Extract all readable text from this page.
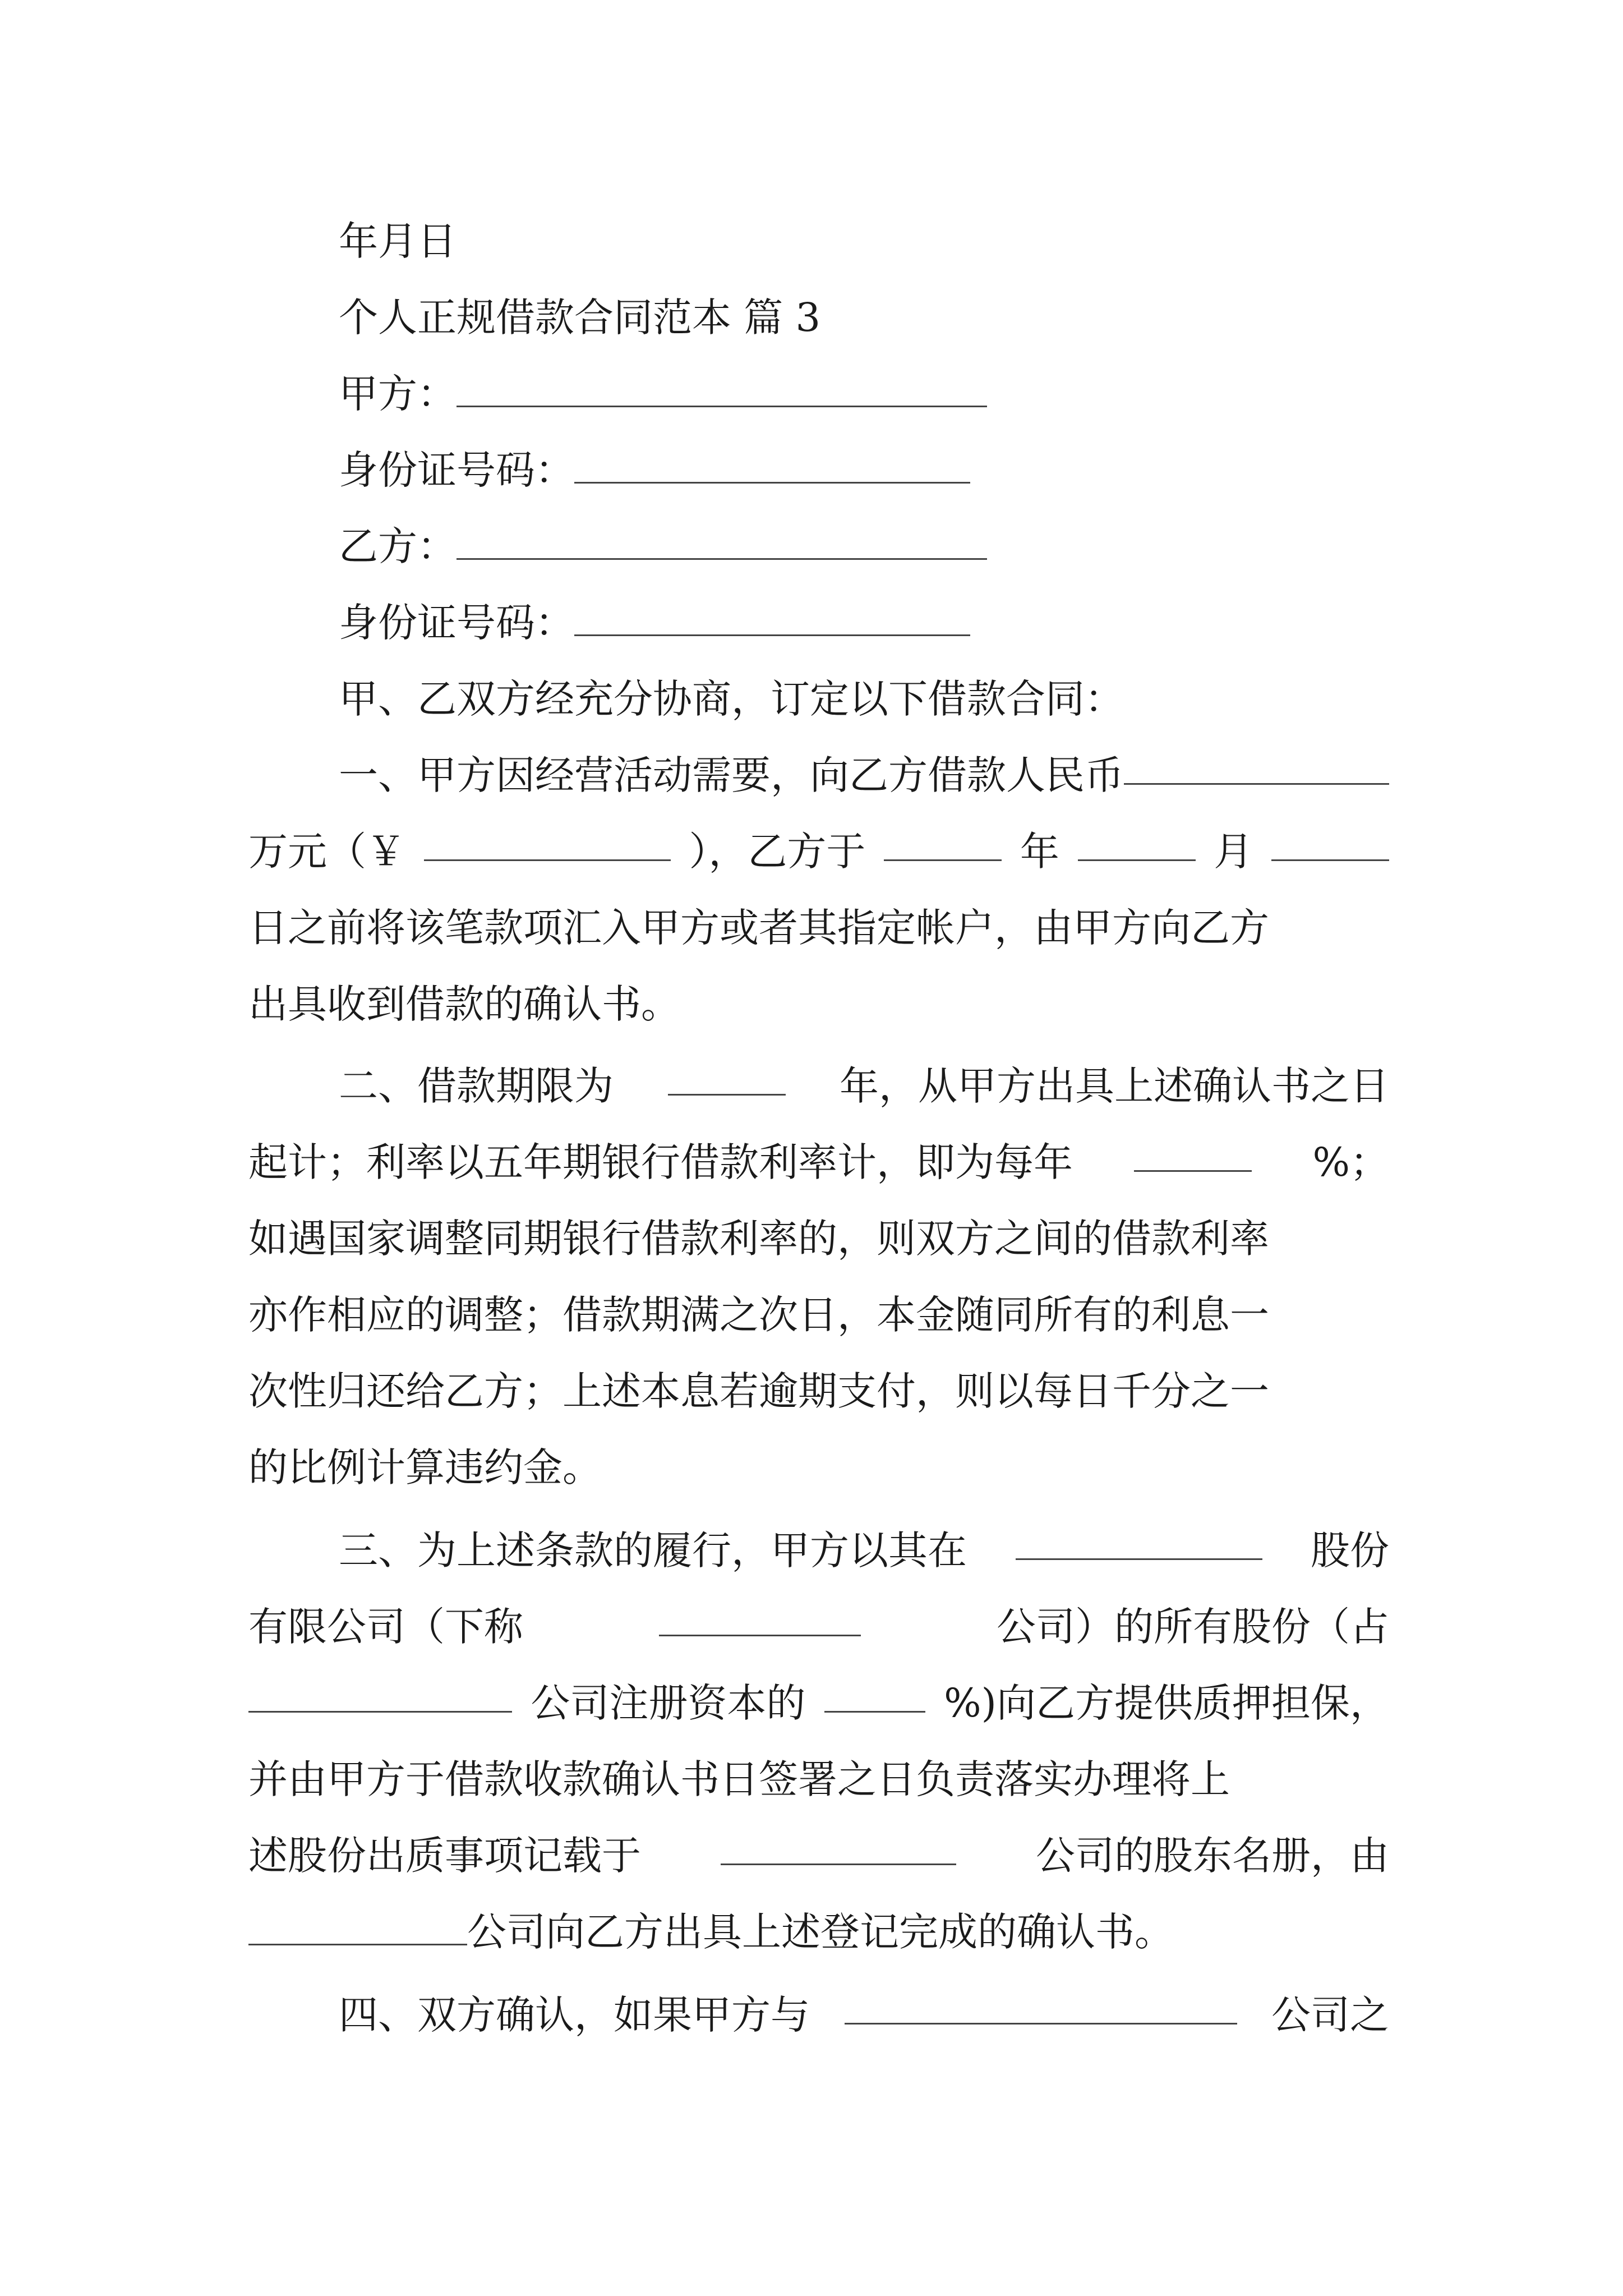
年月日
个人正规借款合同范本 篇 3
甲方：
身份证号码：
乙方：
身份证号码：
甲、乙双方经充分协商，订定以下借款合同：
一、甲方因经营活动需要，向乙方借款人民币
万元（￥	），乙方于	年	月
日之前将该笔款项汇入甲方或者其指定帐户，由甲方向乙方
出具收到借款的确认书。
二、借款期限为	年，从甲方出具上述确认书之日
起计；利率以五年期银行借款利率计，即为每年	%；
如遇国家调整同期银行借款利率的，则双方之间的借款利率
亦作相应的调整；借款期满之次日，本金随同所有的利息一
次性归还给乙方；上述本息若逾期支付，则以每日千分之一
的比例计算违约金。
三、为上述条款的履行，甲方以其在	股份
有限公司（下称	公司）的所有股份（占
公司注册资本的	%)向乙方提供质押担保，
并由甲方于借款收款确认书日签署之日负责落实办理将上
述股份出质事项记载于	公司的股东名册，由
公司向乙方出具上述登记完成的确认书。
四、双方确认，如果甲方与	公司之
